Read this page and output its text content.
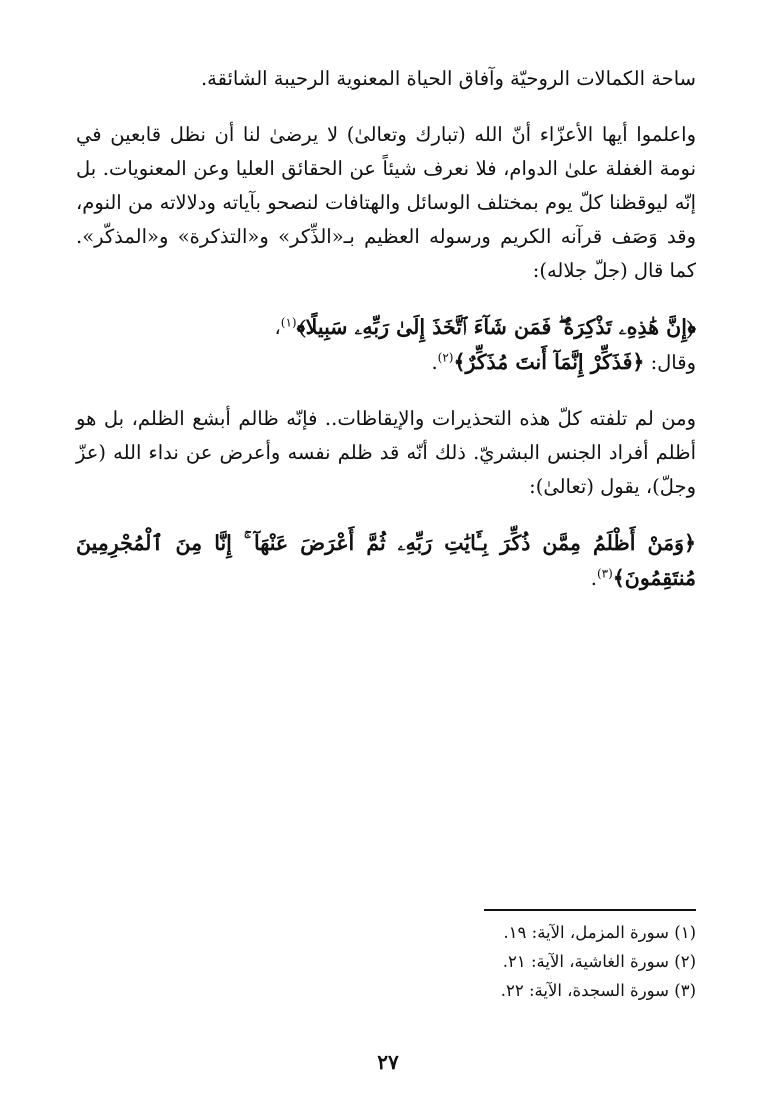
ساحة الكمالات الروحيّة وآفاق الحياة المعنوية الرحيبة الشائقة.

واعلموا أيها الأعزّاء أنّ الله (تبارك وتعالىٰ) لا يرضىٰ لنا أن نظل قابعين في نومة الغفلة علىٰ الدوام، فلا نعرف شيئاً عن الحقائق العليا وعن المعنويات. بل إنّه ليوقظنا كلّ يوم بمختلف الوسائل والهتافات لنصحو بآياته ودلالاته من النوم، وقد وَصَف قرآنه الكريم ورسوله العظيم بـ«الذِّكر» و«التذكرة» و«المذكّر». كما قال (جلّ جلاله):

﴿إِنَّ هَٰذِهِۦ تَذْكِرَةٌ ۖ فَمَن شَآءَ ٱتَّخَذَ إِلَىٰ رَبِّهِۦ سَبِيلًا﴾$^{(١)}$،
وقال: ﴿فَذَكِّرْ إِنَّمَآ أَنتَ مُذَكِّرٌ﴾$^{(٢)}$.

ومن لم تلفته كلّ هذه التحذيرات والإيقاظات.. فإنّه ظالم أبشع الظلم، بل هو أظلم أفراد الجنس البشريّ. ذلك أنّه قد ظلم نفسه وأعرض عن نداء الله (عزّ وجلّ)، يقول (تعالىٰ):

﴿وَمَنْ أَظْلَمُ مِمَّن ذُكِّرَ بِـَٔايَٰتِ رَبِّهِۦ ثُمَّ أَعْرَضَ عَنْهَآ ۚ إِنَّا مِنَ ٱلْمُجْرِمِينَ مُنتَقِمُونَ﴾$^{(٣)}$.

(١) سورة المزمل، الآية: ١٩.
(٢) سورة الغاشية، الآية: ٢١.
(٣) سورة السجدة، الآية: ٢٢.
٢٧
